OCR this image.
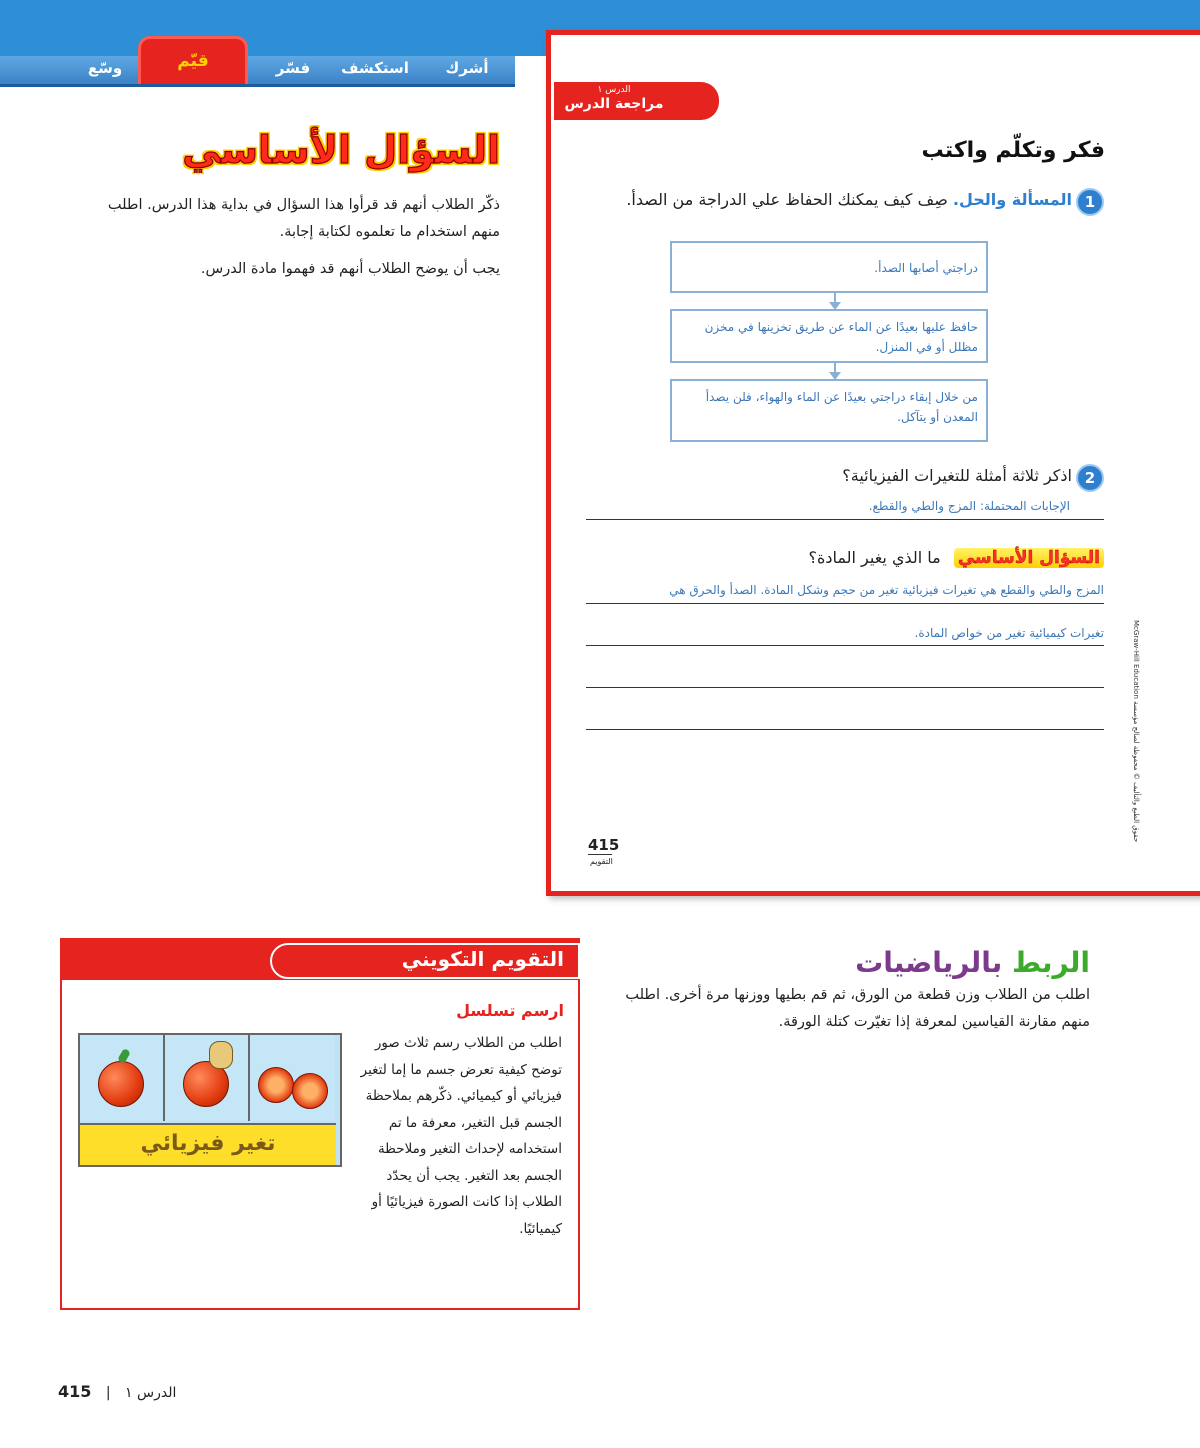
أشرك
استكشف
فسّر
وسّع	قيّم
الدرس ١
مراجعة الدرس
فكر وتكلّم واكتب
1
المسألة والحل. صِف كيف يمكنك الحفاظ علي الدراجة من الصدأ.
دراجتي أصابها الصدأ.
حافظ عليها بعيدًا عن الماء عن طريق تخزينها في مخزن مظلل أو في المنزل.
من خلال إبقاء دراجتي بعيدًا عن الماء والهواء، فلن يصدأ المعدن أو يتآكل.
2
اذكر ثلاثة أمثلة للتغيرات الفيزيائية؟
الإجابات المحتملة: المزج والطي والقطع.
السؤال الأساسي ما الذي يغير المادة؟
المزج والطي والقطع هي تغيرات فيزيائية تغير من حجم وشكل المادة. الصدأ والحرق هي
تغيرات كيميائية تغير من خواص المادة.
415
التقويم
McGraw-Hill Education حقوق الطبع والتأليف © محفوظة لصالح مؤسسة
السؤال الأساسي
ذكّر الطلاب أنهم قد قرأوا هذا السؤال في بداية هذا الدرس. اطلب منهم استخدام ما تعلموه لكتابة إجابة.
يجب أن يوضح الطلاب أنهم قد فهموا مادة الدرس.
التقويم التكويني
ارسم تسلسل
اطلب من الطلاب رسم ثلاث صور توضح كيفية تعرض جسم ما إما لتغير فيزيائي أو كيميائي. ذكّرهم بملاحظة الجسم قبل التغير، معرفة ما تم استخدامه لإحداث التغير وملاحظة الجسم بعد التغير. يجب أن يحدّد الطلاب إذا كانت الصورة فيزيائيًا أو كيميائيًا.
تغير فيزيائي
الربط بالرياضيات
اطلب من الطلاب وزن قطعة من الورق، ثم قم بطيها ووزنها مرة أخرى. اطلب منهم مقارنة القياسين لمعرفة إذا تغيّرت كتلة الورقة.
415 | الدرس ١
